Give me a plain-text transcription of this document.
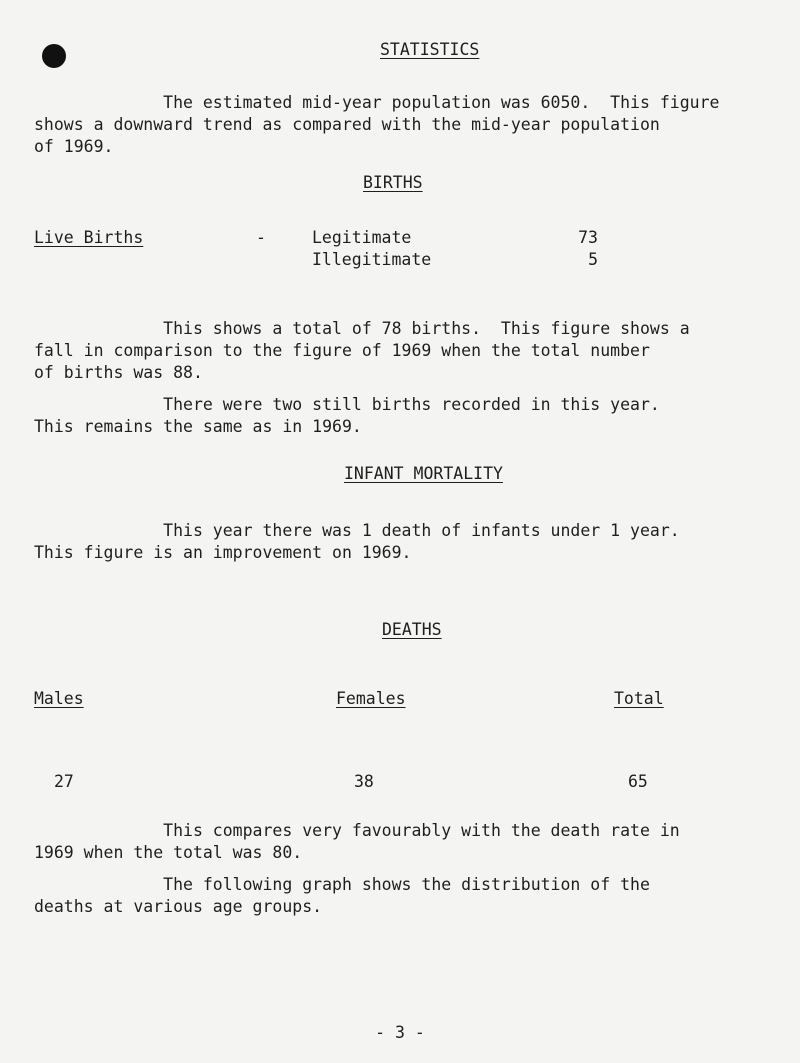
STATISTICS
The estimated mid-year population was 6050.  This figure
shows a downward trend as compared with the mid-year population
of 1969.
BIRTHS
Live Births	-	Legitimate	73
Illegitimate	5
This shows a total of 78 births.  This figure shows a
fall in comparison to the figure of 1969 when the total number
of births was 88.
There were two still births recorded in this year.
This remains the same as in 1969.
INFANT MORTALITY
This year there was 1 death of infants under 1 year.
This figure is an improvement on 1969.
DEATHS
Males	Females	Total
27	38	65
This compares very favourably with the death rate in
1969 when the total was 80.
The following graph shows the distribution of the
deaths at various age groups.
- 3 -
